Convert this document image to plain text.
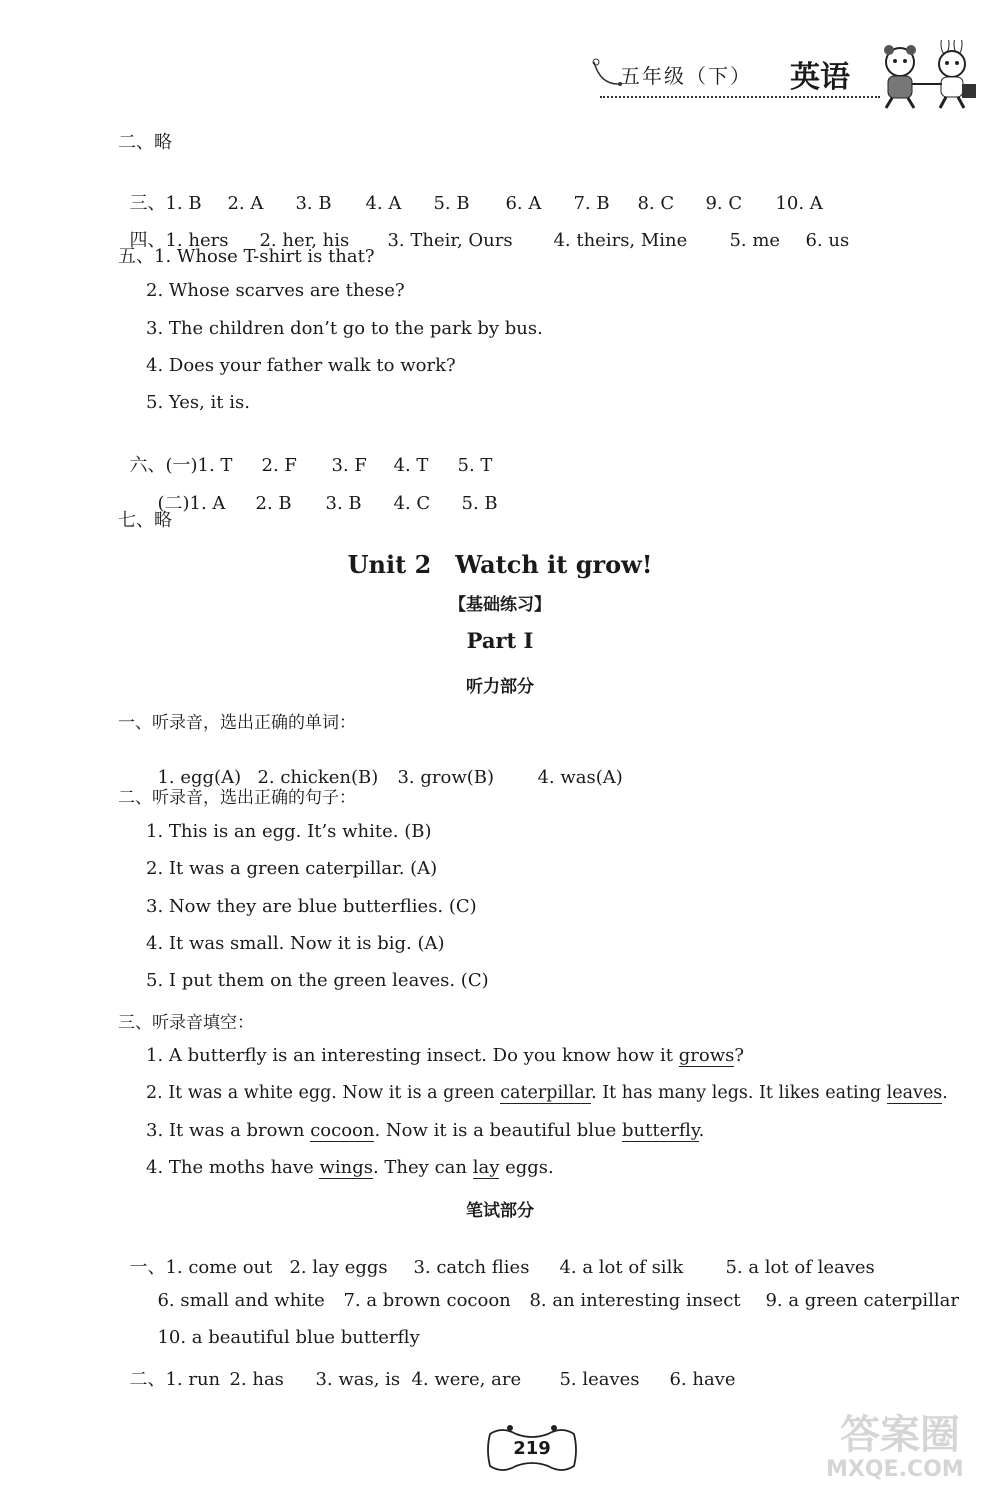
五年级（下） 英语
二、略

三、1. B 2. A 3. B 4. A 5. B 6. A 7. B 8. C 9. C 10. A

四、1. hers 2. her, his 3. Their, Ours 4. theirs, Mine 5. me 6. us

五、1. Whose T-shirt is that?
2. Whose scarves are these?
3. The children don’t go to the park by bus.
4. Does your father walk to work?
5. Yes, it is.

六、(一)1. T 2. F 3. F 4. T 5. T

(二)1. A 2. B 3. B 4. C 5. B

七、略
Unit 2　Watch it grow!
【基础练习】
Part Ⅰ
听力部分
一、听录音，选出正确的单词：

1. egg(A) 2. chicken(B) 3. grow(B) 4. was(A)

二、听录音，选出正确的句子：
1. This is an egg. It’s white. (B)
2. It was a green caterpillar. (A)
3. Now they are blue butterflies. (C)
4. It was small. Now it is big. (A)
5. I put them on the green leaves. (C)
三、听录音填空：
1. A butterfly is an interesting insect. Do you know how it grows?
2. It was a white egg. Now it is a green caterpillar. It has many legs. It likes eating leaves.
3. It was a brown cocoon. Now it is a beautiful blue butterfly.
4. The moths have wings. They can lay eggs.
笔试部分

一、1. come out 2. lay eggs 3. catch flies 4. a lot of silk 5. a lot of leaves

6. small and white 7. a brown cocoon 8. an interesting insect 9. a green caterpillar

10. a beautiful blue butterfly

二、1. run 2. has 3. was, is 4. were, are 5. leaves 6. have

219	答案圈
MXQE.COM
